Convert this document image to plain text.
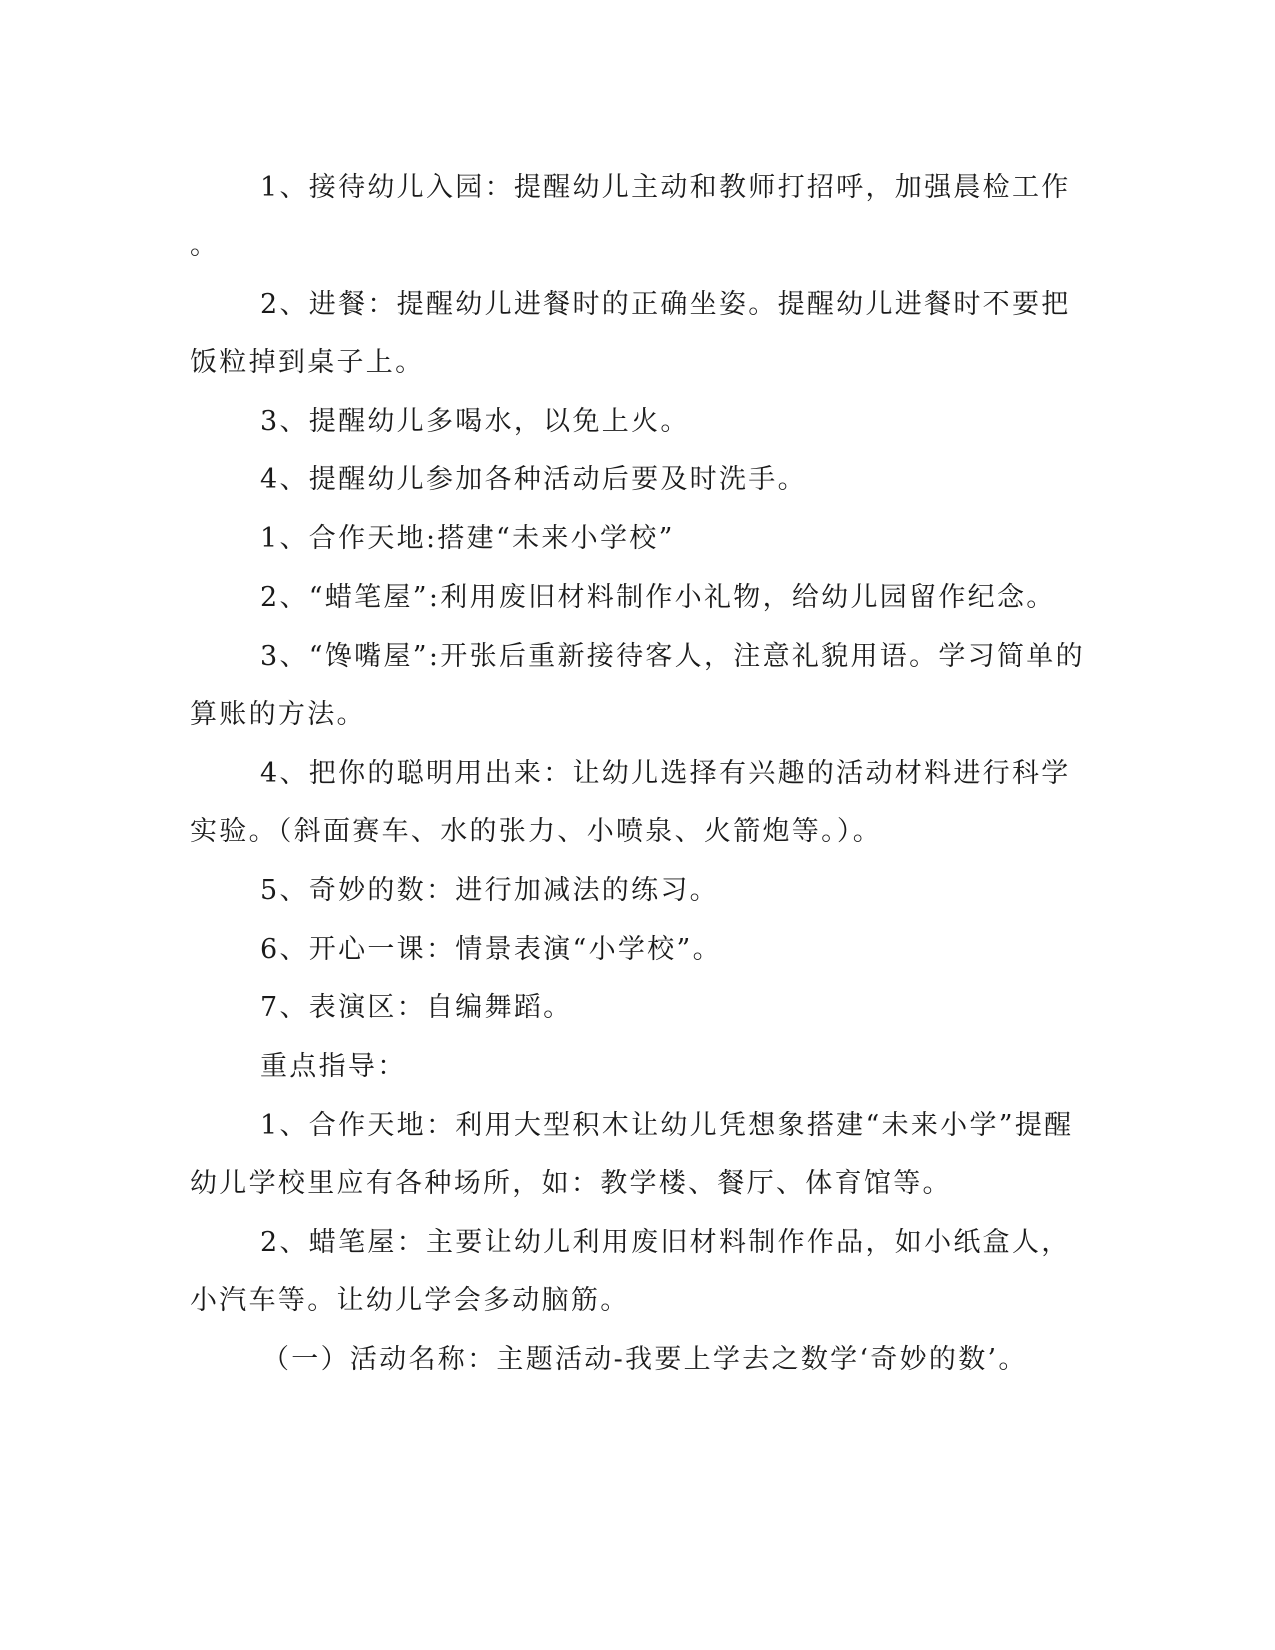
1、接待幼儿入园：提醒幼儿主动和教师打招呼，加强晨检工作
。
2、进餐：提醒幼儿进餐时的正确坐姿。提醒幼儿进餐时不要把
饭粒掉到桌子上。
3、提醒幼儿多喝水，以免上火。
4、提醒幼儿参加各种活动后要及时洗手。
1、合作天地:搭建“未来小学校”
2、“蜡笔屋”:利用废旧材料制作小礼物，给幼儿园留作纪念。
3、“馋嘴屋”:开张后重新接待客人，注意礼貌用语。学习简单的
算账的方法。
4、把你的聪明用出来：让幼儿选择有兴趣的活动材料进行科学
实验。（斜面赛车、水的张力、小喷泉、火箭炮等。）。
5、奇妙的数：进行加减法的练习。
6、开心一课：情景表演“小学校”。
7、表演区：自编舞蹈。
重点指导：
1、合作天地：利用大型积木让幼儿凭想象搭建“未来小学”提醒
幼儿学校里应有各种场所，如：教学楼、餐厅、体育馆等。
2、蜡笔屋：主要让幼儿利用废旧材料制作作品，如小纸盒人，
小汽车等。让幼儿学会多动脑筋。
（一）活动名称：主题活动-我要上学去之数学‘奇妙的数’。
